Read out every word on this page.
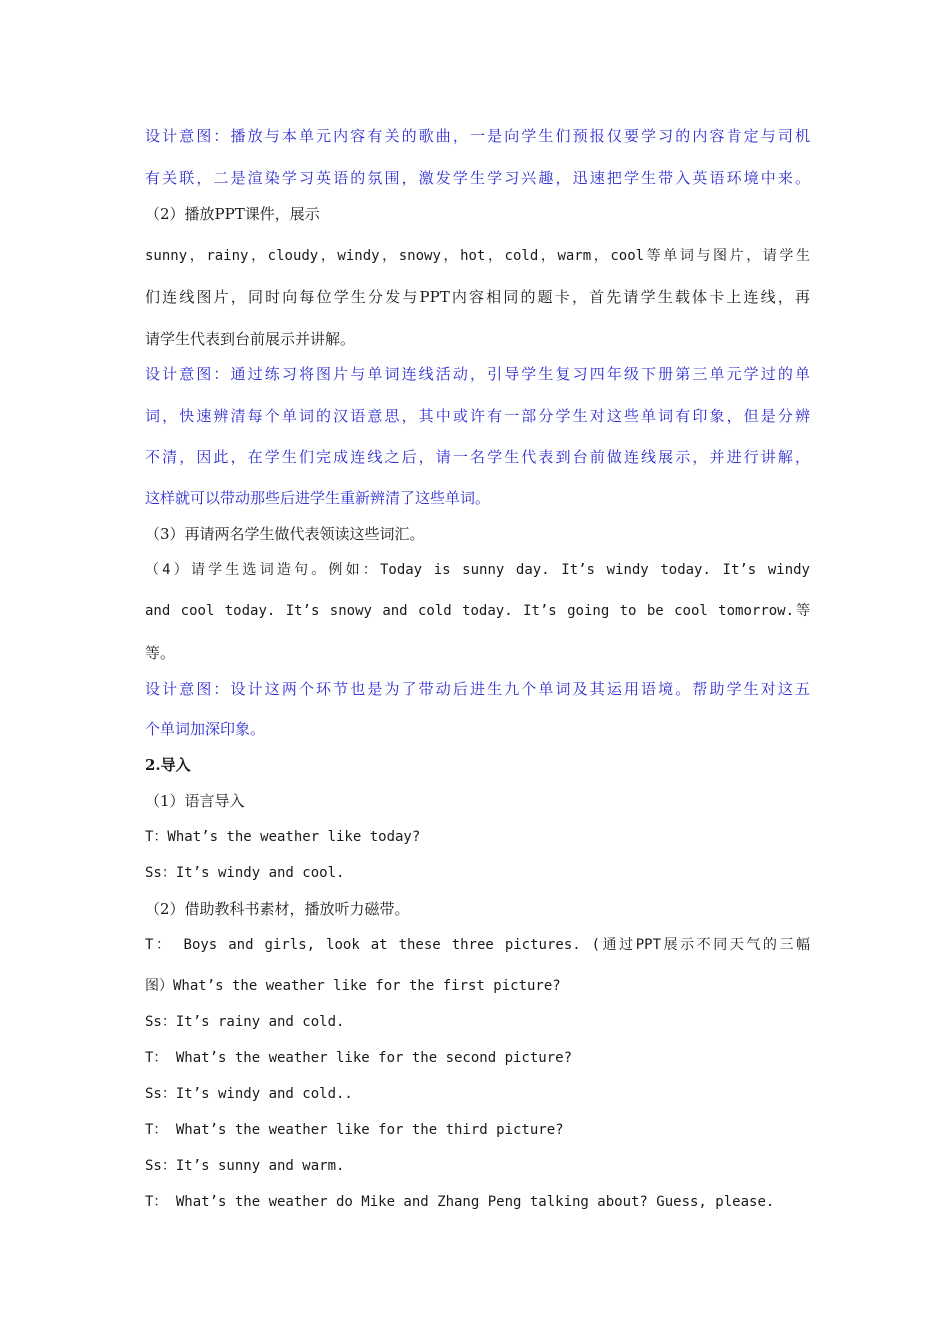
设计意图：播放与本单元内容有关的歌曲，一是向学生们预报仅要学习的内容肯定与司机
有关联，二是渲染学习英语的氛围，激发学生学习兴趣，迅速把学生带入英语环境中来。
（2）播放PPT课件，展示
sunny，rainy，cloudy，windy，snowy，hot，cold，warm，cool等单词与图片，请学生
们连线图片，同时向每位学生分发与PPT内容相同的题卡，首先请学生载体卡上连线，再
请学生代表到台前展示并讲解。
设计意图：通过练习将图片与单词连线活动，引导学生复习四年级下册第三单元学过的单
词，快速辨清每个单词的汉语意思，其中或许有一部分学生对这些单词有印象，但是分辨
不清，因此，在学生们完成连线之后，请一名学生代表到台前做连线展示，并进行讲解，
这样就可以带动那些后进学生重新辨清了这些单词。
（3）再请两名学生做代表领读这些词汇。
（4）请学生选词造句。例如：Today is sunny day. It’s windy today. It’s windy
and cool today. It’s snowy and cold today. It’s going to be cool tomorrow.等
等。
设计意图：设计这两个环节也是为了带动后进生九个单词及其运用语境。帮助学生对这五
个单词加深印象。
2.导入
（1）语言导入
T：What’s the weather like today?
Ss：It’s windy and cool.
（2）借助教科书素材，播放听力磁带。
T： Boys and girls, look at these three pictures. (通过PPT展示不同天气的三幅
图）What’s the weather like for the first picture?
Ss：It’s rainy and cold.
T： What’s the weather like for the second picture?
Ss：It’s windy and cold..
T： What’s the weather like for the third picture?
Ss：It’s sunny and warm.
T： What’s the weather do Mike and Zhang Peng talking about? Guess, please.
